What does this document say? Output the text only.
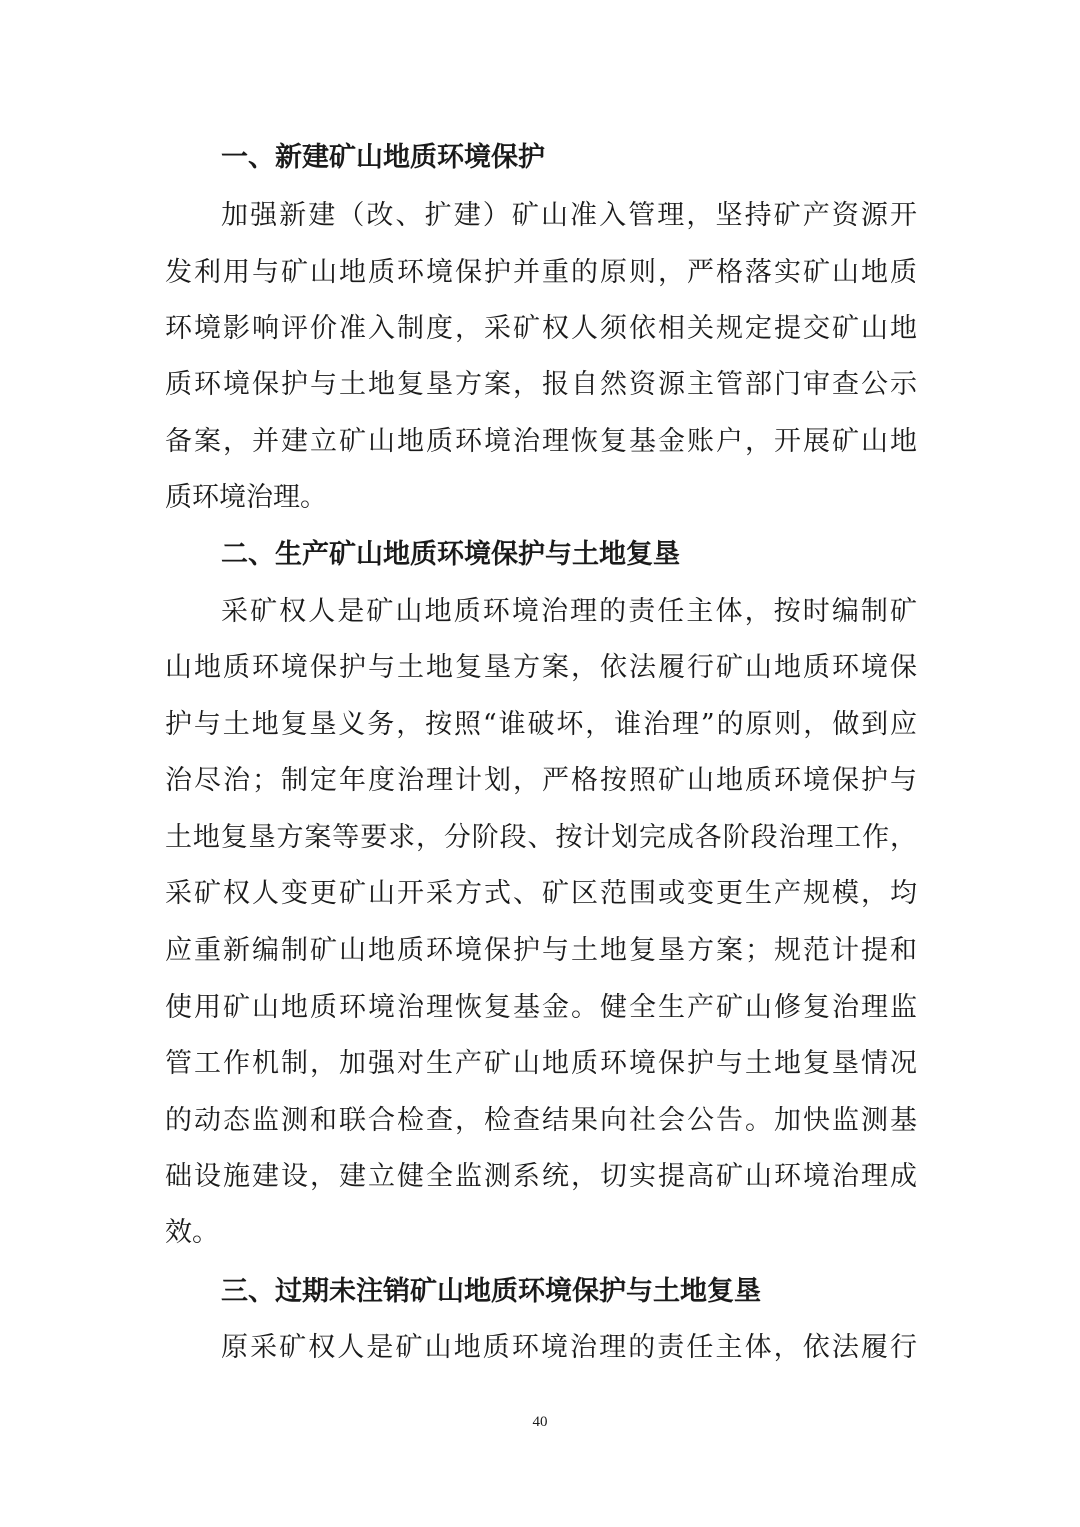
一、新建矿山地质环境保护
加强新建（改、扩建）矿山准入管理，坚持矿产资源开
发利用与矿山地质环境保护并重的原则，严格落实矿山地质
环境影响评价准入制度，采矿权人须依相关规定提交矿山地
质环境保护与土地复垦方案，报自然资源主管部门审查公示
备案，并建立矿山地质环境治理恢复基金账户，开展矿山地
质环境治理。
二、生产矿山地质环境保护与土地复垦
采矿权人是矿山地质环境治理的责任主体，按时编制矿
山地质环境保护与土地复垦方案，依法履行矿山地质环境保
护与土地复垦义务，按照“谁破坏，谁治理”的原则，做到应
治尽治；制定年度治理计划，严格按照矿山地质环境保护与
土地复垦方案等要求，分阶段、按计划完成各阶段治理工作，
采矿权人变更矿山开采方式、矿区范围或变更生产规模，均
应重新编制矿山地质环境保护与土地复垦方案；规范计提和
使用矿山地质环境治理恢复基金。健全生产矿山修复治理监
管工作机制，加强对生产矿山地质环境保护与土地复垦情况
的动态监测和联合检查，检查结果向社会公告。加快监测基
础设施建设，建立健全监测系统，切实提高矿山环境治理成
效。
三、过期未注销矿山地质环境保护与土地复垦
原采矿权人是矿山地质环境治理的责任主体，依法履行
40
